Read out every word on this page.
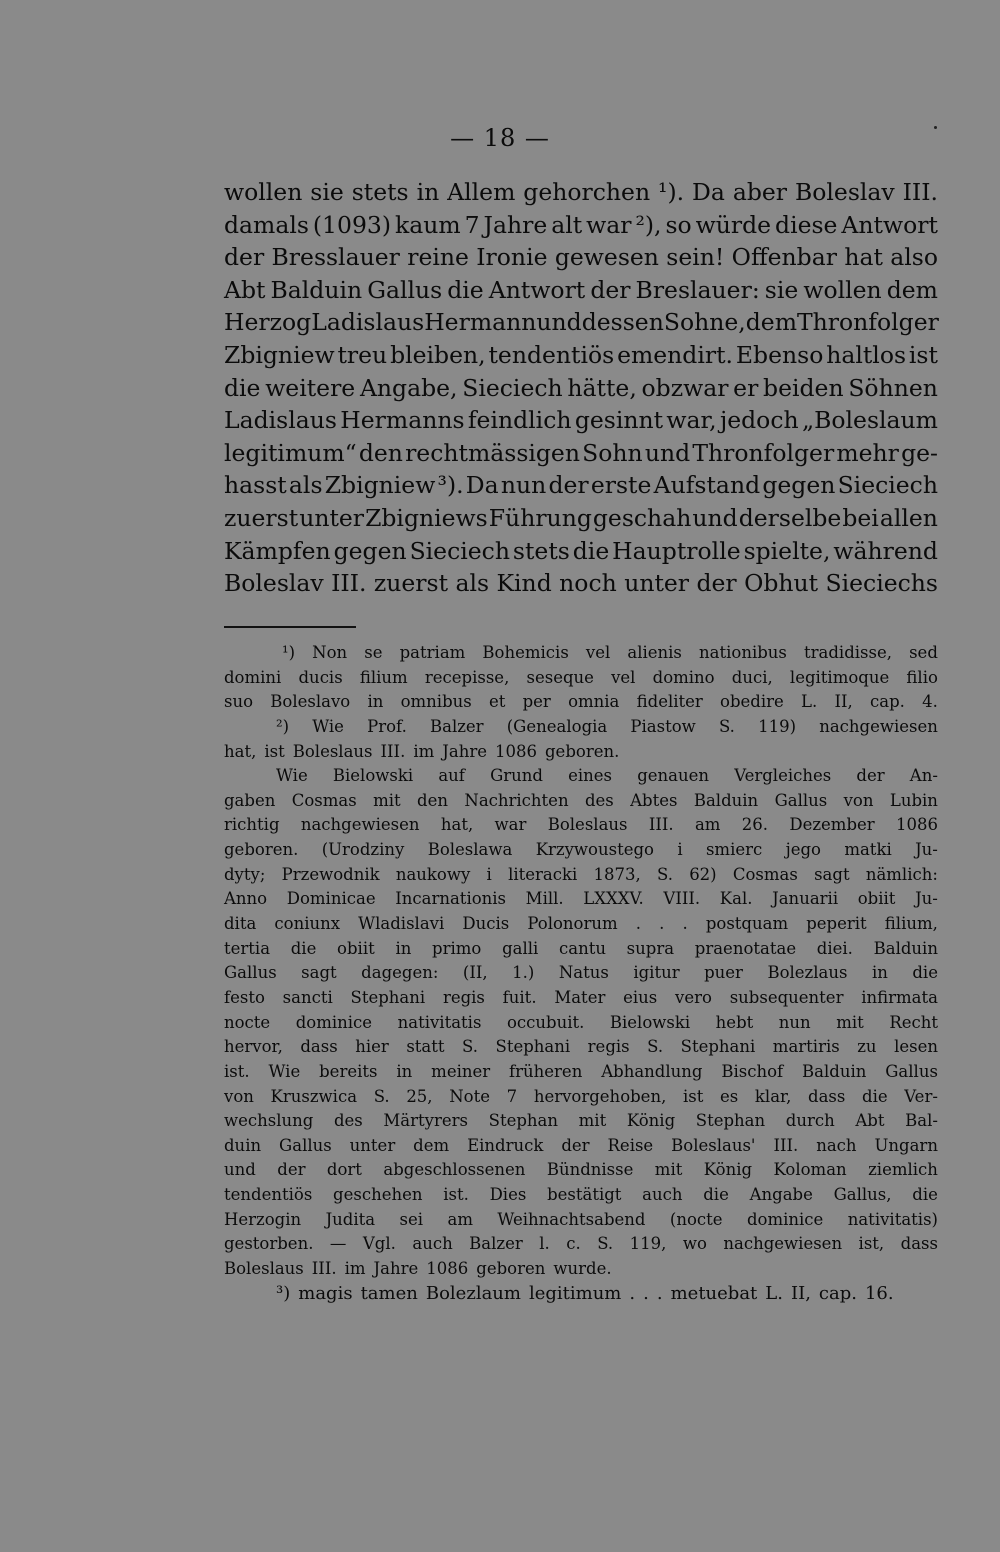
— 18 —
wollen sie stets in Allem gehorchen ¹). Da aber Boleslav III.
damals (1093) kaum 7 Jahre alt war ²), so würde diese Antwort
der Bresslauer reine Ironie gewesen sein! Offenbar hat also
Abt Balduin Gallus die Antwort der Breslauer: sie wollen dem
Herzog Ladislaus Hermann und dessen Sohne, dem Thronfolger
Zbigniew treu bleiben, tendentiös emendirt. Ebenso haltlos ist
die weitere Angabe, Sieciech hätte, obzwar er beiden Söhnen
Ladislaus Hermanns feindlich gesinnt war, jedoch „Boleslaum
legitimum“ den rechtmässigen Sohn und Thronfolger mehr ge-
hasst als Zbigniew ³). Da nun der erste Aufstand gegen Sieciech
zuerst unter Zbigniews Führung geschah und derselbe bei allen
Kämpfen gegen Sieciech stets die Hauptrolle spielte, während
Boleslav III. zuerst als Kind noch unter der Obhut Sieciechs
¹) Non se patriam Bohemicis vel alienis nationibus tradidisse, sed
domini ducis filium recepisse, seseque vel domino duci, legitimoque filio
suo Boleslavo in omnibus et per omnia fideliter obedire L. II, cap. 4.
²) Wie Prof. Balzer (Genealogia Piastow S. 119) nachgewiesen
hat, ist Boleslaus III. im Jahre 1086 geboren.
Wie Bielowski auf Grund eines genauen Vergleiches der An-
gaben Cosmas mit den Nachrichten des Abtes Balduin Gallus von Lubin
richtig nachgewiesen hat, war Boleslaus III. am 26. Dezember 1086
geboren. (Urodziny Boleslawa Krzywoustego i smierc jego matki Ju-
dyty; Przewodnik naukowy i literacki 1873, S. 62) Cosmas sagt nämlich:
Anno Dominicae Incarnationis Mill. LXXXV. VIII. Kal. Januarii obiit Ju-
dita coniunx Wladislavi Ducis Polonorum . . . postquam peperit filium,
tertia die obiit in primo galli cantu supra praenotatae diei. Balduin
Gallus sagt dagegen: (II, 1.) Natus igitur puer Bolezlaus in die
festo sancti Stephani regis fuit. Mater eius vero subsequenter infirmata
nocte dominice nativitatis occubuit. Bielowski hebt nun mit Recht
hervor, dass hier statt S. Stephani regis S. Stephani martiris zu lesen
ist. Wie bereits in meiner früheren Abhandlung Bischof Balduin Gallus
von Kruszwica S. 25, Note 7 hervorgehoben, ist es klar, dass die Ver-
wechslung des Märtyrers Stephan mit König Stephan durch Abt Bal-
duin Gallus unter dem Eindruck der Reise Boleslaus' III. nach Ungarn
und der dort abgeschlossenen Bündnisse mit König Koloman ziemlich
tendentiös geschehen ist. Dies bestätigt auch die Angabe Gallus, die
Herzogin Judita sei am Weihnachtsabend (nocte dominice nativitatis)
gestorben. — Vgl. auch Balzer l. c. S. 119, wo nachgewiesen ist, dass
Boleslaus III. im Jahre 1086 geboren wurde.
³) magis tamen Bolezlaum legitimum . . . metuebat L. II, cap. 16.
